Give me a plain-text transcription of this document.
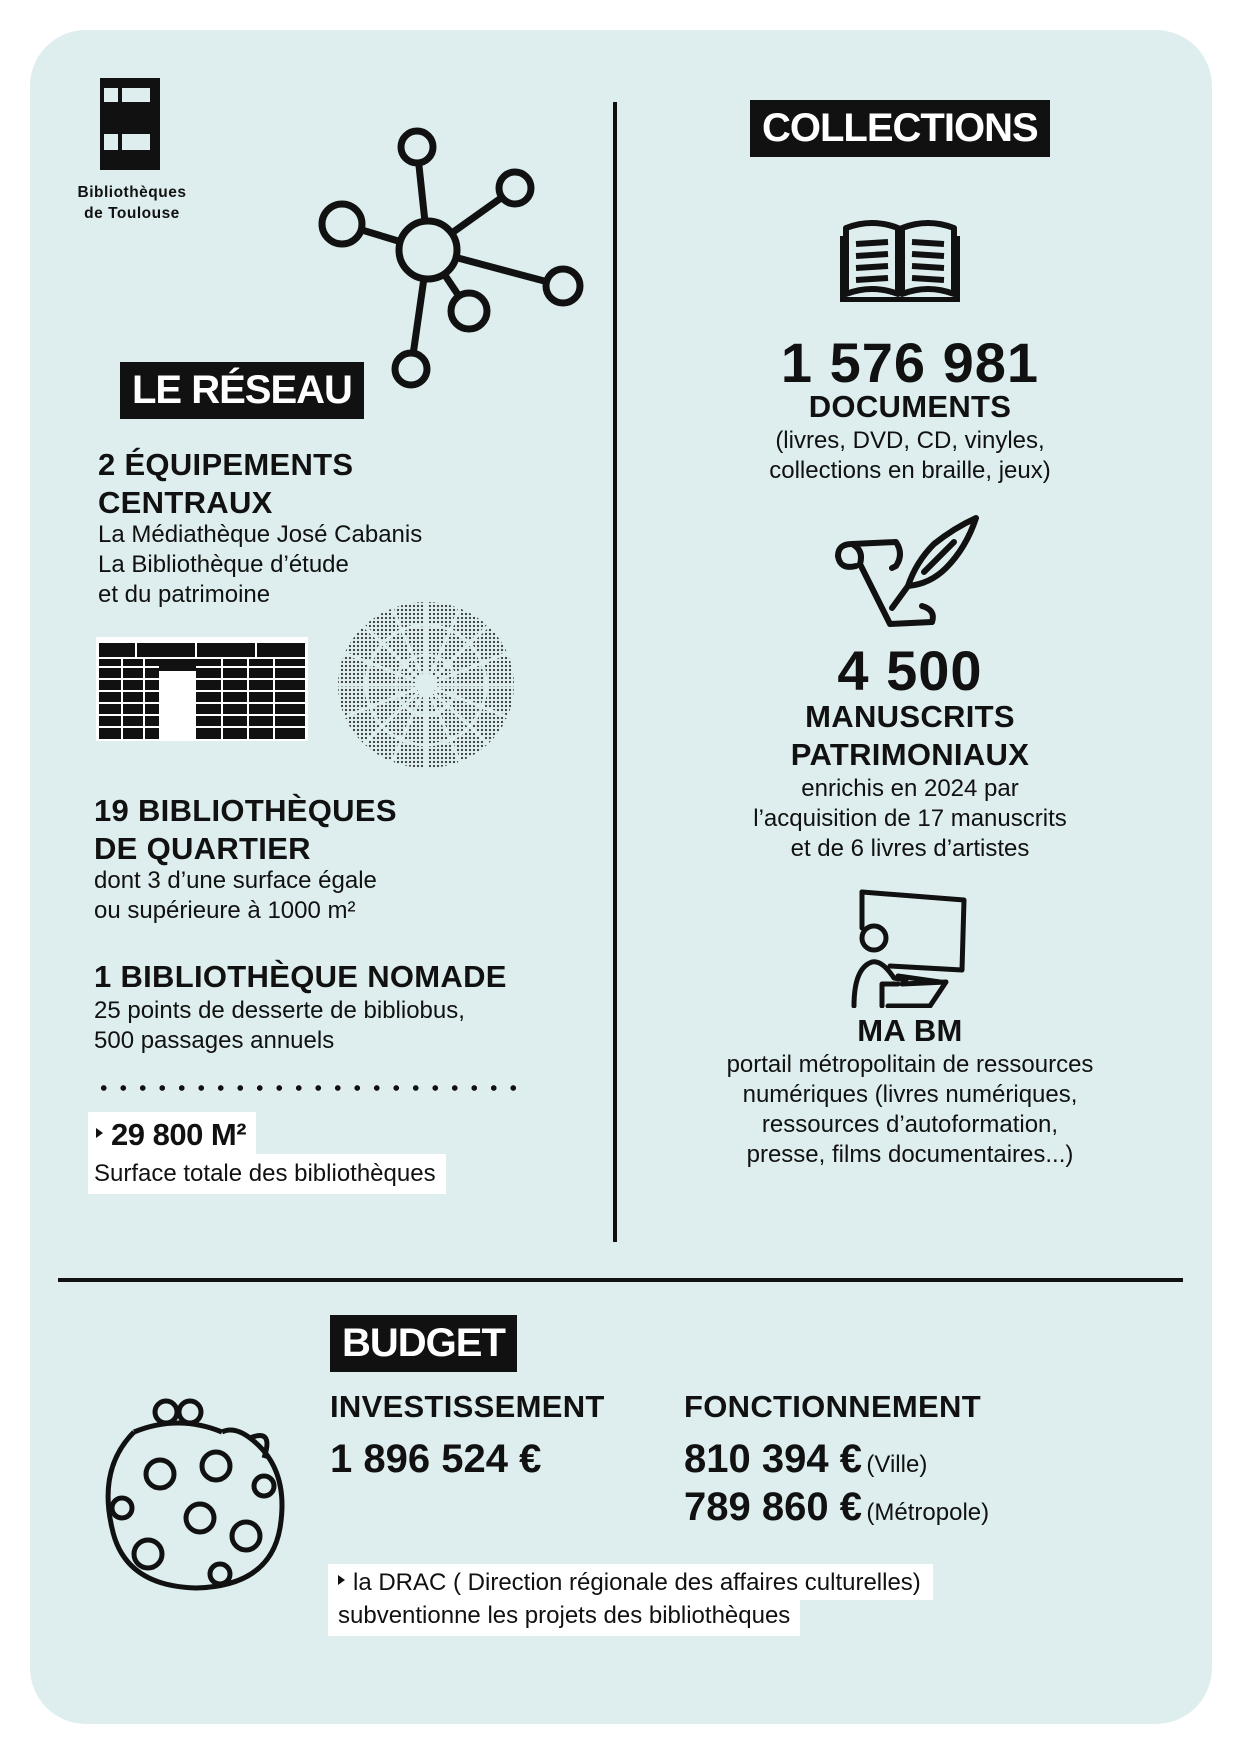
Bibliothèques
de Toulouse
LE RÉSEAU
2 ÉQUIPEMENTS
CENTRAUX
La Médiathèque José Cabanis
La Bibliothèque d’étude
et du patrimoine
19 BIBLIOTHÈQUES
DE QUARTIER
dont 3 d’une surface égale
ou supérieure à 1000 m²
1 BIBLIOTHÈQUE NOMADE
25 points de desserte de bibliobus,
500 passages annuels
29 800 M²
Surface totale des bibliothèques
COLLECTIONS
1 576 981
DOCUMENTS
(livres, DVD, CD, vinyles,
collections en braille, jeux)
4 500
MANUSCRITS
PATRIMONIAUX
enrichis en 2024 par
l’acquisition de 17 manuscrits
et de 6 livres d’artistes
MA BM
portail métropolitain de ressources
numériques (livres numériques,
ressources d’autoformation,
presse, films documentaires...)
BUDGET
INVESTISSEMENT
1 896 524 €
FONCTIONNEMENT
810 394 € (Ville)
789 860 € (Métropole)
la DRAC ( Direction régionale des affaires culturelles)
subventionne les projets des bibliothèques
